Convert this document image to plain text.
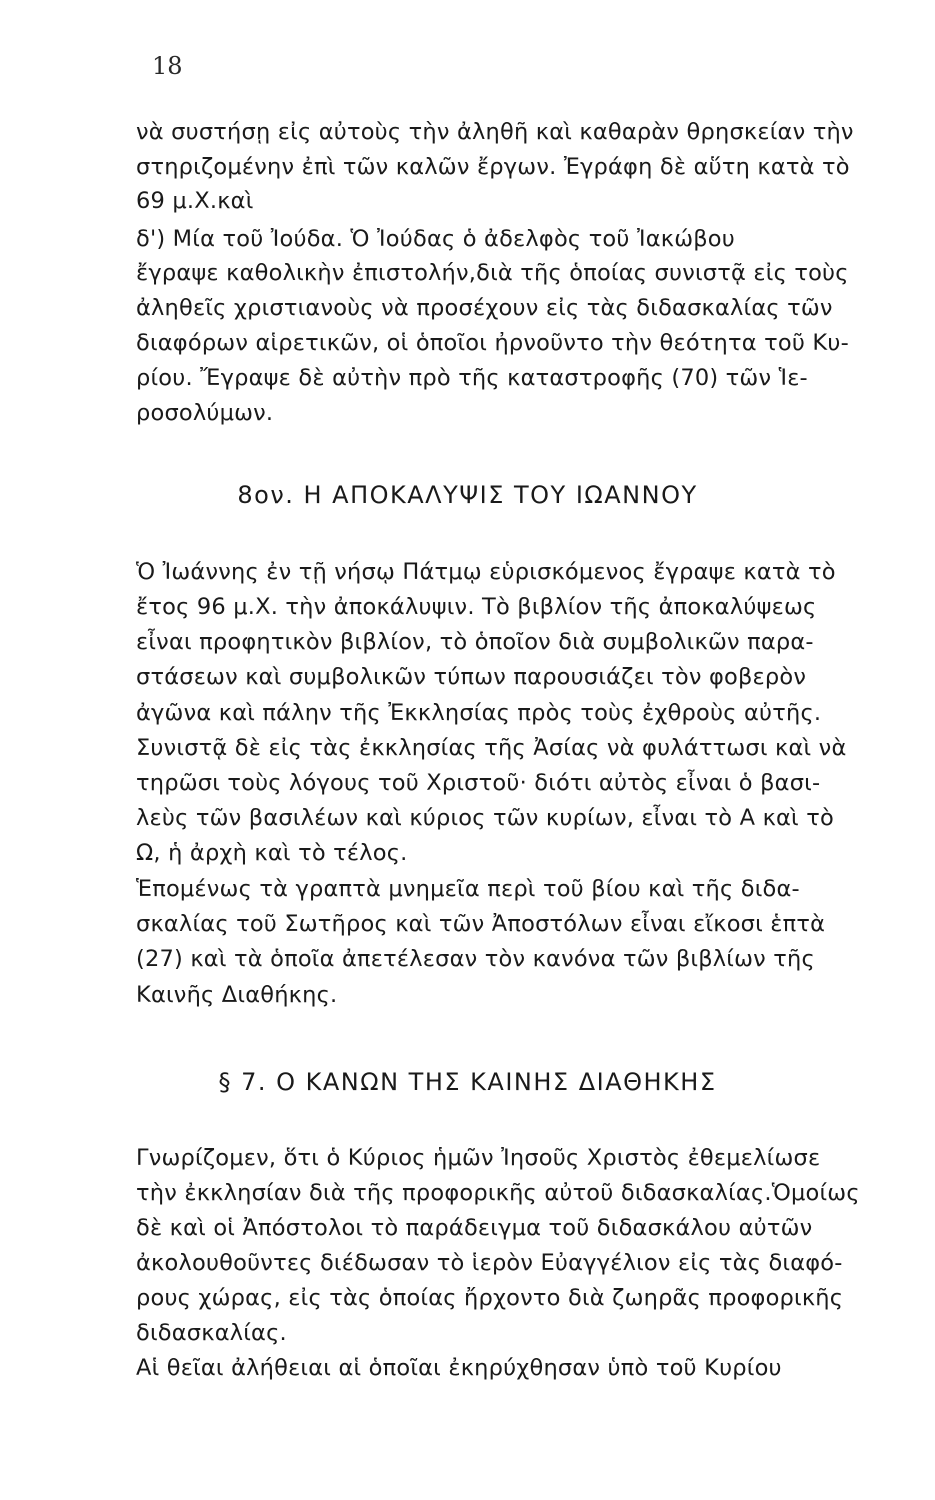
18
νὰ συστήσῃ εἰς αὐτοὺς τὴν ἀληθῆ καὶ καθαρὰν θρησκείαν τὴν
στηριζομένην ἐπὶ τῶν καλῶν ἔργων. Ἐγράφη δὲ αὕτη κατὰ τὸ
69 μ.Χ.καὶ
δ') Μία τοῦ Ἰούδα. Ὁ Ἰούδας ὁ ἀδελφὸς τοῦ Ἰακώβου
ἔγραψε καθολικὴν ἐπιστολήν,διὰ τῆς ὁποίας συνιστᾷ εἰς τοὺς
ἀληθεῖς χριστιανοὺς νὰ προσέχουν εἰς τὰς διδασκαλίας τῶν
διαφόρων αἱρετικῶν, οἱ ὁποῖοι ἠρνοῦντο τὴν θεότητα τοῦ Κυ-
ρίου. Ἔγραψε δὲ αὐτὴν πρὸ τῆς καταστροφῆς (70) τῶν Ἱε-
ροσολύμων.
8ον. Η ΑΠΟΚΑΛΥΨΙΣ ΤΟΥ ΙΩΑΝΝΟΥ
Ὁ Ἰωάννης ἐν τῇ νήσῳ Πάτμῳ εὑρισκόμενος ἔγραψε κατὰ τὸ
ἔτος 96 μ.Χ. τὴν ἀποκάλυψιν. Τὸ βιβλίον τῆς ἀποκαλύψεως
εἶναι προφητικὸν βιβλίον, τὸ ὁποῖον διὰ συμβολικῶν παρα-
στάσεων καὶ συμβολικῶν τύπων παρουσιάζει τὸν φοβερὸν
ἀγῶνα καὶ πάλην τῆς Ἐκκλησίας πρὸς τοὺς ἐχθροὺς αὐτῆς.
Συνιστᾷ δὲ εἰς τὰς ἐκκλησίας τῆς Ἀσίας νὰ φυλάττωσι καὶ νὰ
τηρῶσι τοὺς λόγους τοῦ Χριστοῦ· διότι αὐτὸς εἶναι ὁ βασι-
λεὺς τῶν βασιλέων καὶ κύριος τῶν κυρίων, εἶναι τὸ Α καὶ τὸ
Ω, ἡ ἀρχὴ καὶ τὸ τέλος.
Ἑπομένως τὰ γραπτὰ μνημεῖα περὶ τοῦ βίου καὶ τῆς διδα-
σκαλίας τοῦ Σωτῆρος καὶ τῶν Ἀποστόλων εἶναι εἴκοσι ἑπτὰ
(27) καὶ τὰ ὁποῖα ἀπετέλεσαν τὸν κανόνα τῶν βιβλίων τῆς
Καινῆς Διαθήκης.
§ 7. Ο ΚΑΝΩΝ ΤΗΣ ΚΑΙΝΗΣ ΔΙΑΘΗΚΗΣ
Γνωρίζομεν, ὅτι ὁ Κύριος ἡμῶν Ἰησοῦς Χριστὸς ἐθεμελίωσε
τὴν ἐκκλησίαν διὰ τῆς προφορικῆς αὐτοῦ διδασκαλίας.Ὁμοίως
δὲ καὶ οἱ Ἀπόστολοι τὸ παράδειγμα τοῦ διδασκάλου αὐτῶν
ἀκολουθοῦντες διέδωσαν τὸ ἱερὸν Εὐαγγέλιον εἰς τὰς διαφό-
ρους χώρας, εἰς τὰς ὁποίας ἤρχοντο διὰ ζωηρᾶς προφορικῆς
διδασκαλίας.
Αἱ θεῖαι ἀλήθειαι αἱ ὁποῖαι ἐκηρύχθησαν ὑπὸ τοῦ Κυρίου
